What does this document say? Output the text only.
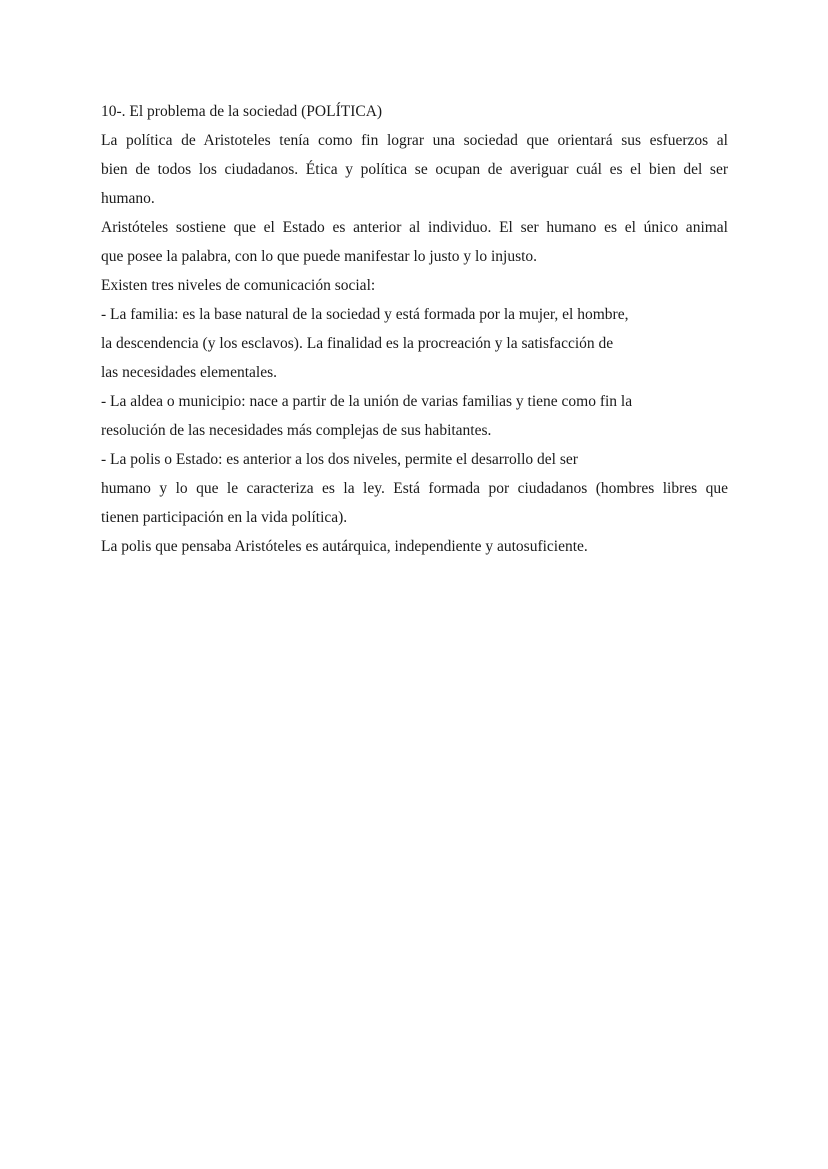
10-. El problema de la sociedad (POLÍTICA)
La política de Aristoteles tenía como fin lograr una sociedad que orientará sus esfuerzos al
bien de todos los ciudadanos. Ética y política se ocupan de averiguar cuál es el bien del ser
humano.
Aristóteles sostiene que el Estado es anterior al individuo. El ser humano es el único animal
que posee la palabra, con lo que puede manifestar lo justo y lo injusto.
Existen tres niveles de comunicación social:
- La familia: es la base natural de la sociedad y está formada por la mujer, el hombre,
la descendencia (y los esclavos). La finalidad es la procreación y la satisfacción de
las necesidades elementales.
- La aldea o municipio: nace a partir de la unión de varias familias y tiene como fin la
resolución de las necesidades más complejas de sus habitantes.
- La polis o Estado: es anterior a los dos niveles, permite el desarrollo del ser
humano y lo que le caracteriza es la ley. Está formada por ciudadanos (hombres libres que
tienen participación en la vida política).
La polis que pensaba Aristóteles es autárquica, independiente y autosuficiente.
